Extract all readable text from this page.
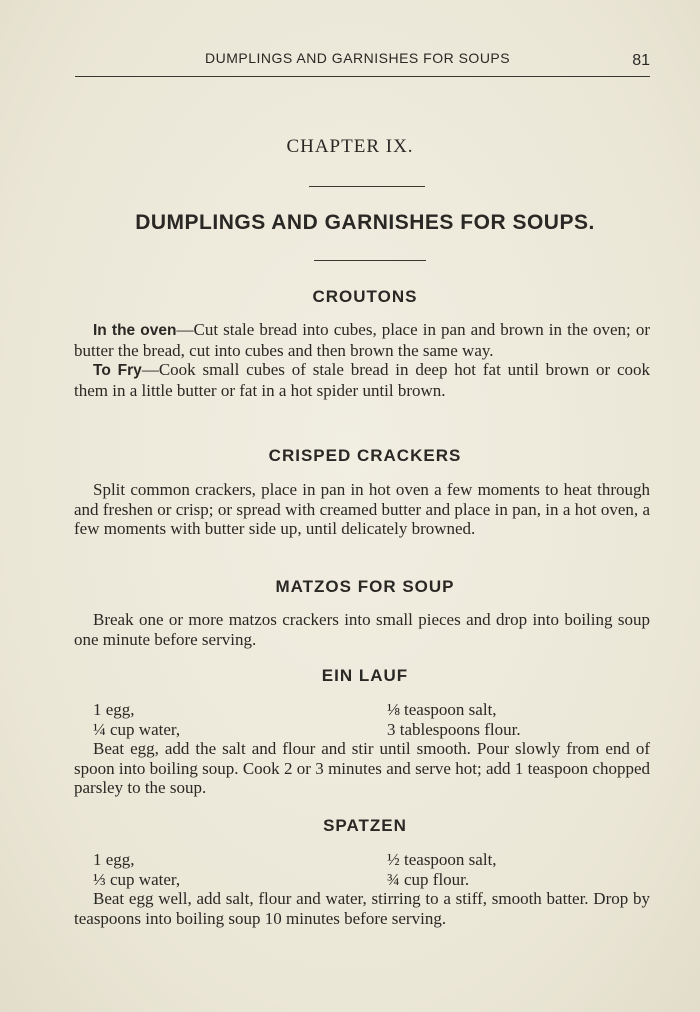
DUMPLINGS AND GARNISHES FOR SOUPS	81
CHAPTER IX.
DUMPLINGS AND GARNISHES FOR SOUPS.
CROUTONS

In the oven—Cut stale bread into cubes, place in pan and brown in the oven; or butter the bread, cut into cubes and then brown the same way.

To Fry—Cook small cubes of stale bread in deep hot fat until brown or cook them in a little butter or fat in a hot spider until brown.

CRISPED CRACKERS

Split common crackers, place in pan in hot oven a few moments to heat through and freshen or crisp; or spread with creamed butter and place in pan, in a hot oven, a few moments with butter side up, until delicately browned.

MATZOS FOR SOUP

Break one or more matzos crackers into small pieces and drop into boiling soup one minute before serving.

EIN LAUF
1 egg,	⅛ teaspoon salt,
¼ cup water,	3 tablespoons flour.

Beat egg, add the salt and flour and stir until smooth. Pour slowly from end of spoon into boiling soup. Cook 2 or 3 minutes and serve hot; add 1 teaspoon chopped parsley to the soup.

SPATZEN
1 egg,	½ teaspoon salt,
⅓ cup water,	¾ cup flour.

Beat egg well, add salt, flour and water, stirring to a stiff, smooth batter. Drop by teaspoons into boiling soup 10 minutes before serving.
